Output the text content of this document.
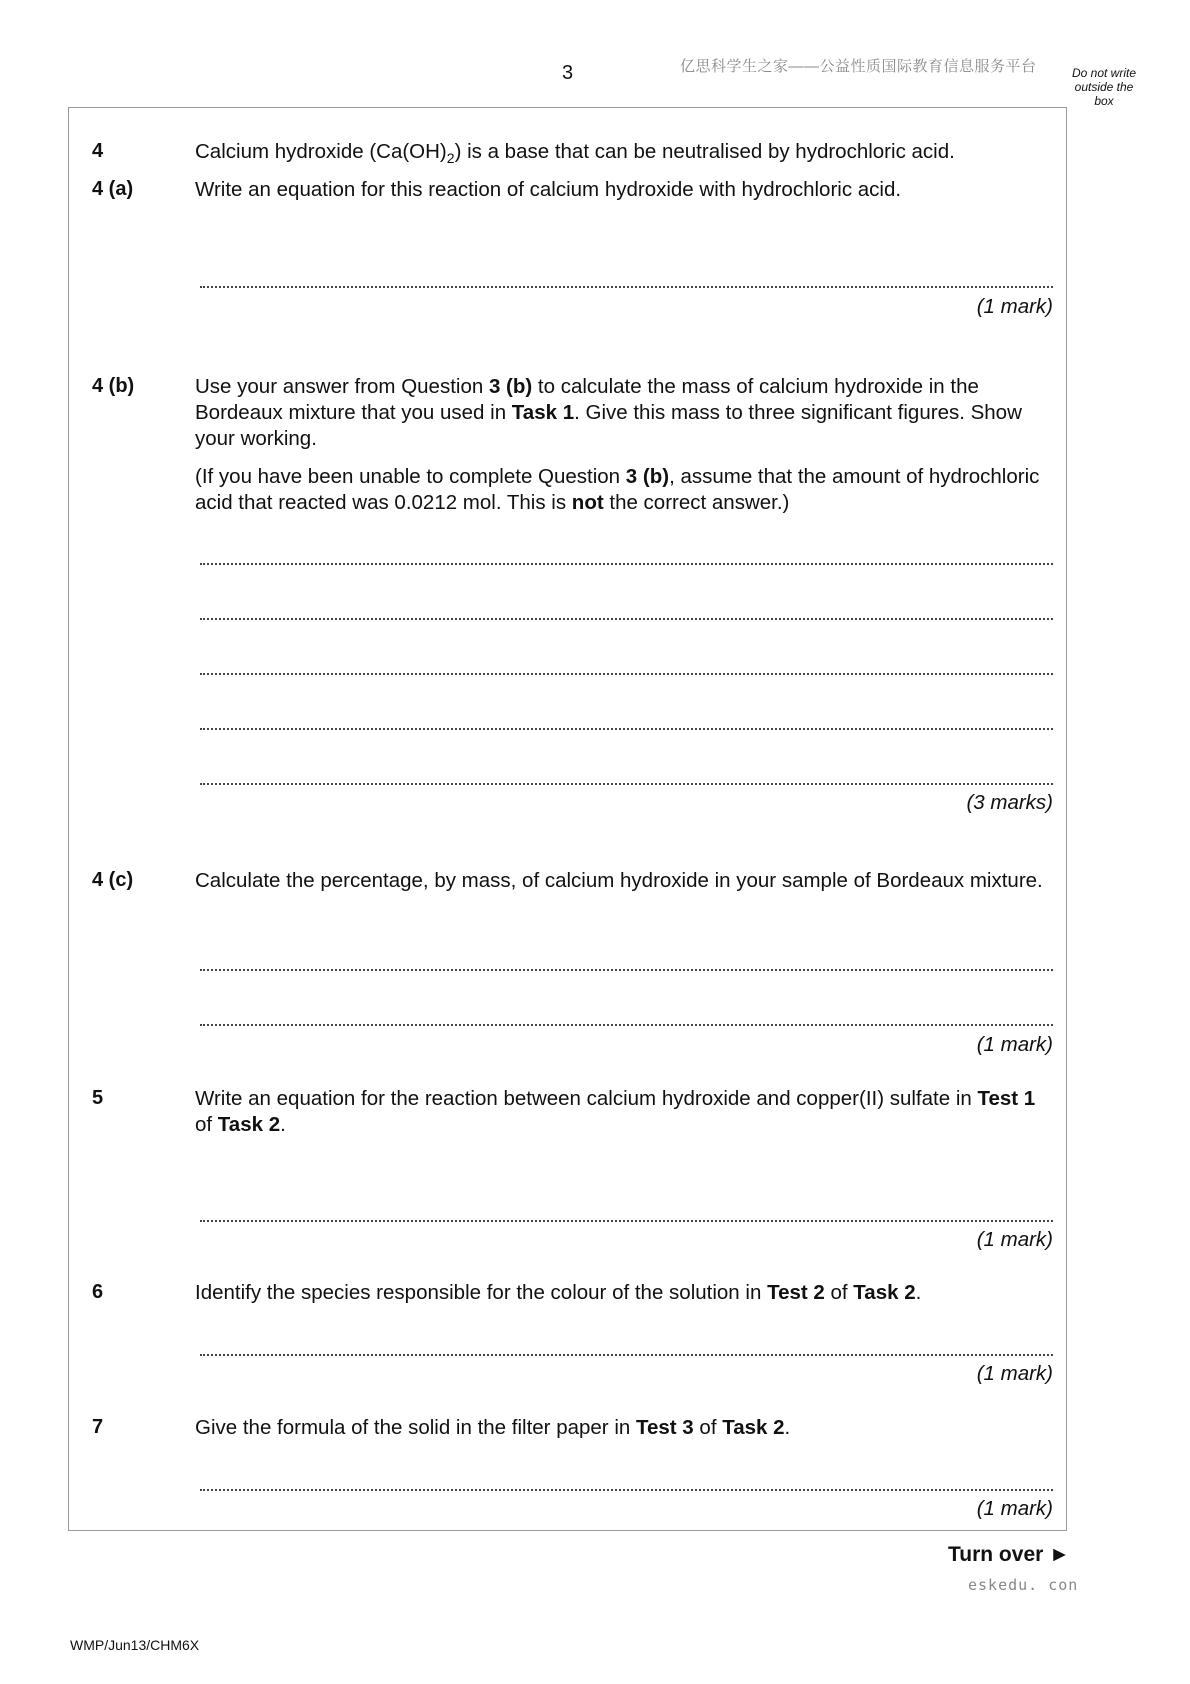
3	亿思科学生之家——公益性质国际教育信息服务平台	Do not write outside the box
4	Calcium hydroxide $(Ca(OH)_2)$ is a base that can be neutralised by hydrochloric acid.
4 (a)	Write an equation for this reaction of calcium hydroxide with hydrochloric acid.
(1 mark)
4 (b)	Use your answer from Question 3 (b) to calculate the mass of calcium hydroxide in the Bordeaux mixture that you used in Task 1. Give this mass to three significant figures. Show your working.
(If you have been unable to complete Question 3 (b), assume that the amount of hydrochloric acid that reacted was 0.0212 mol. This is not the correct answer.)
(3 marks)
4 (c)	Calculate the percentage, by mass, of calcium hydroxide in your sample of Bordeaux mixture.
(1 mark)
5	Write an equation for the reaction between calcium hydroxide and copper(II) sulfate in Test 1 of Task 2.
(1 mark)
6	Identify the species responsible for the colour of the solution in Test 2 of Task 2.
(1 mark)
7	Give the formula of the solid in the filter paper in Test 3 of Task 2.
(1 mark)
Turn over ►
eskedu. con
WMP/Jun13/CHM6X
